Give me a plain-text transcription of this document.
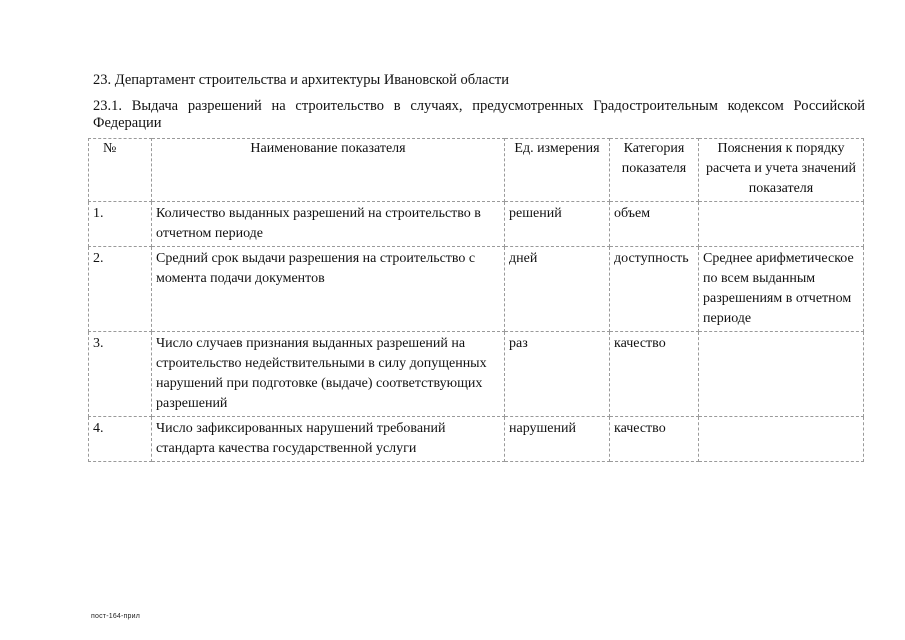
23. Департамент строительства и архитектуры Ивановской области
23.1. Выдача разрешений на строительство в случаях, предусмотренных Градостроительным кодексом Российской Федерации
№	Наименование показателя	Ед. измерения	Категория показателя	Пояснения к порядку расчета и учета значений показателя
1.	Количество выданных разрешений на строительство в отчетном периоде	решений	объем	
2.	Средний срок выдачи разрешения на строительство с момента подачи документов	дней	доступность	Среднее арифметическое по всем выданным разрешениям в отчетном периоде
3.	Число случаев признания выданных разрешений на строительство недействительными в силу допущенных нарушений при подготовке (выдаче) соответствующих разрешений	раз	качество	
4.	Число зафиксированных нарушений требований стандарта качества государственной услуги	нарушений	качество	
пост-164-прил
